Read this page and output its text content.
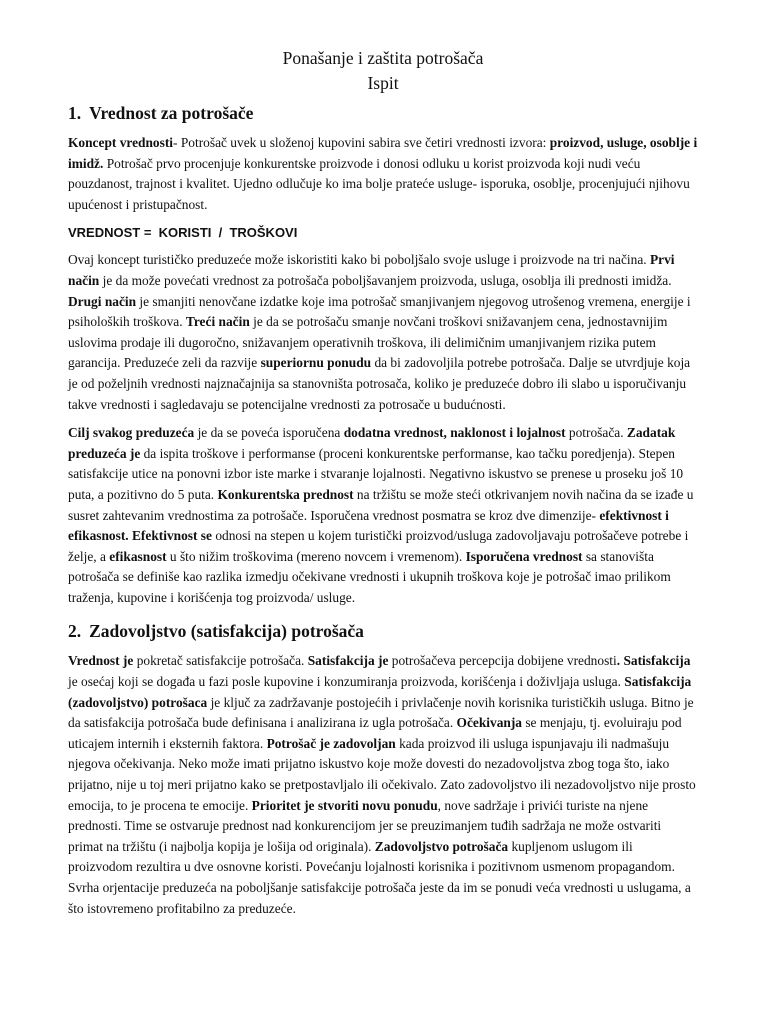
Ponašanje i zaštita potrošača
Ispit
1. Vrednost za potrošače

Koncept vrednosti- Potrošač uvek u složenoj kupovini sabira sve četiri vrednosti izvora: proizvod, usluge, osoblje i imidž. Potrošač prvo procenjuje konkurentske proizvode i donosi odluku u korist proizvoda koji nudi veću pouzdanost, trajnost i kvalitet. Ujedno odlučuje ko ima bolje prateće usluge- isporuka, osoblje, procenjujući njihovu upućenost i pristupačnost.

VREDNOST =  KORISTI  /  TROŠKOVI

Ovaj koncept turističko preduzeće može iskoristiti kako bi poboljšalo svoje usluge i proizvode na tri načina. Prvi način je da može povećati vrednost za potrošača poboljšavanjem proizvoda, usluga, osoblja ili prednosti imidža. Drugi način je smanjiti nenovčane izdatke koje ima potrošač smanjivanjem njegovog utrošenog vremena, energije i psiholoških troškova. Treći način je da se potrošaču smanje novčani troškovi snižavanjem cena, jednostavnijim uslovima prodaje ili dugoročno, snižavanjem operativnih troškova, ili delimičnim umanjivanjem rizika putem garancija. Preduzeće zeli da razvije superiornu ponudu da bi zadovoljila potrebe potrošača. Dalje se utvrdjuje koja je od poželjnih vrednosti najznačajnija sa stanovništa potrosača, koliko je preduzeće dobro ili slabo u isporučivanju takve vrednosti i sagledavaju se potencijalne vrednosti za potrosače u budućnosti.

Cilj svakog preduzeća je da se poveća isporučena dodatna vrednost, naklonost i lojalnost potrošača. Zadatak preduzeća je da ispita troškove i performanse (proceni konkurentske performanse, kao tačku poredjenja). Stepen satisfakcije utice na ponovni izbor iste marke i stvaranje lojalnosti. Negativno iskustvo se prenese u proseku još 10 puta, a pozitivno do 5 puta. Konkurentska prednost na tržištu se može steći otkrivanjem novih načina da se izađe u susret zahtevanim vrednostima za potrošače. Isporučena vrednost posmatra se kroz dve dimenzije- efektivnost i efikasnost. Efektivnost se odnosi na stepen u kojem turistički proizvod/usluga zadovoljavaju potrošačeve potrebe i želje, a efikasnost u što nižim troškovima (mereno novcem i vremenom). Isporučena vrednost sa stanovišta potrošača se definiše kao razlika izmedju očekivane vrednosti i ukupnih troškova koje je potrošač imao prilikom traženja, kupovine i korišćenja tog proizvoda/ usluge.

2. Zadovoljstvo (satisfakcija) potrošača

Vrednost je pokretač satisfakcije potrošača. Satisfakcija je potrošačeva percepcija dobijene vrednosti. Satisfakcija je osećaj koji se događa u fazi posle kupovine i konzumiranja proizvoda, korišćenja i doživljaja usluga. Satisfakcija (zadovoljstvo) potrošaca je ključ za zadržavanje postojećih i privlačenje novih korisnika turističkih usluga. Bitno je da satisfakcija potrošača bude definisana i analizirana iz ugla potrošača. Očekivanja se menjaju, tj. evoluiraju pod uticajem internih i eksternih faktora. Potrošač je zadovoljan kada proizvod ili usluga ispunjavaju ili nadmašuju njegova očekivanja. Neko može imati prijatno iskustvo koje može dovesti do nezadovoljstva zbog toga što, iako prijatno, nije u toj meri prijatno kako se pretpostavljalo ili očekivalo. Zato zadovoljstvo ili nezadovoljstvo nije prosto emocija, to je procena te emocije. Prioritet je stvoriti novu ponudu, nove sadržaje i privići turiste na njene prednosti. Time se ostvaruje prednost nad konkurencijom jer se preuzimanjem tuđih sadržaja ne može ostvariti primat na tržištu (i najbolja kopija je lošija od originala). Zadovoljstvo potrošača kupljenom uslugom ili proizvodom rezultira u dve osnovne koristi. Povećanju lojalnosti korisnika i pozitivnom usmenom propagandom. Svrha orjentacije preduzeća na poboljšanje satisfakcije potrošača jeste da im se ponudi veća vrednosti u uslugama, a što istovremeno profitabilno za preduzeće.
